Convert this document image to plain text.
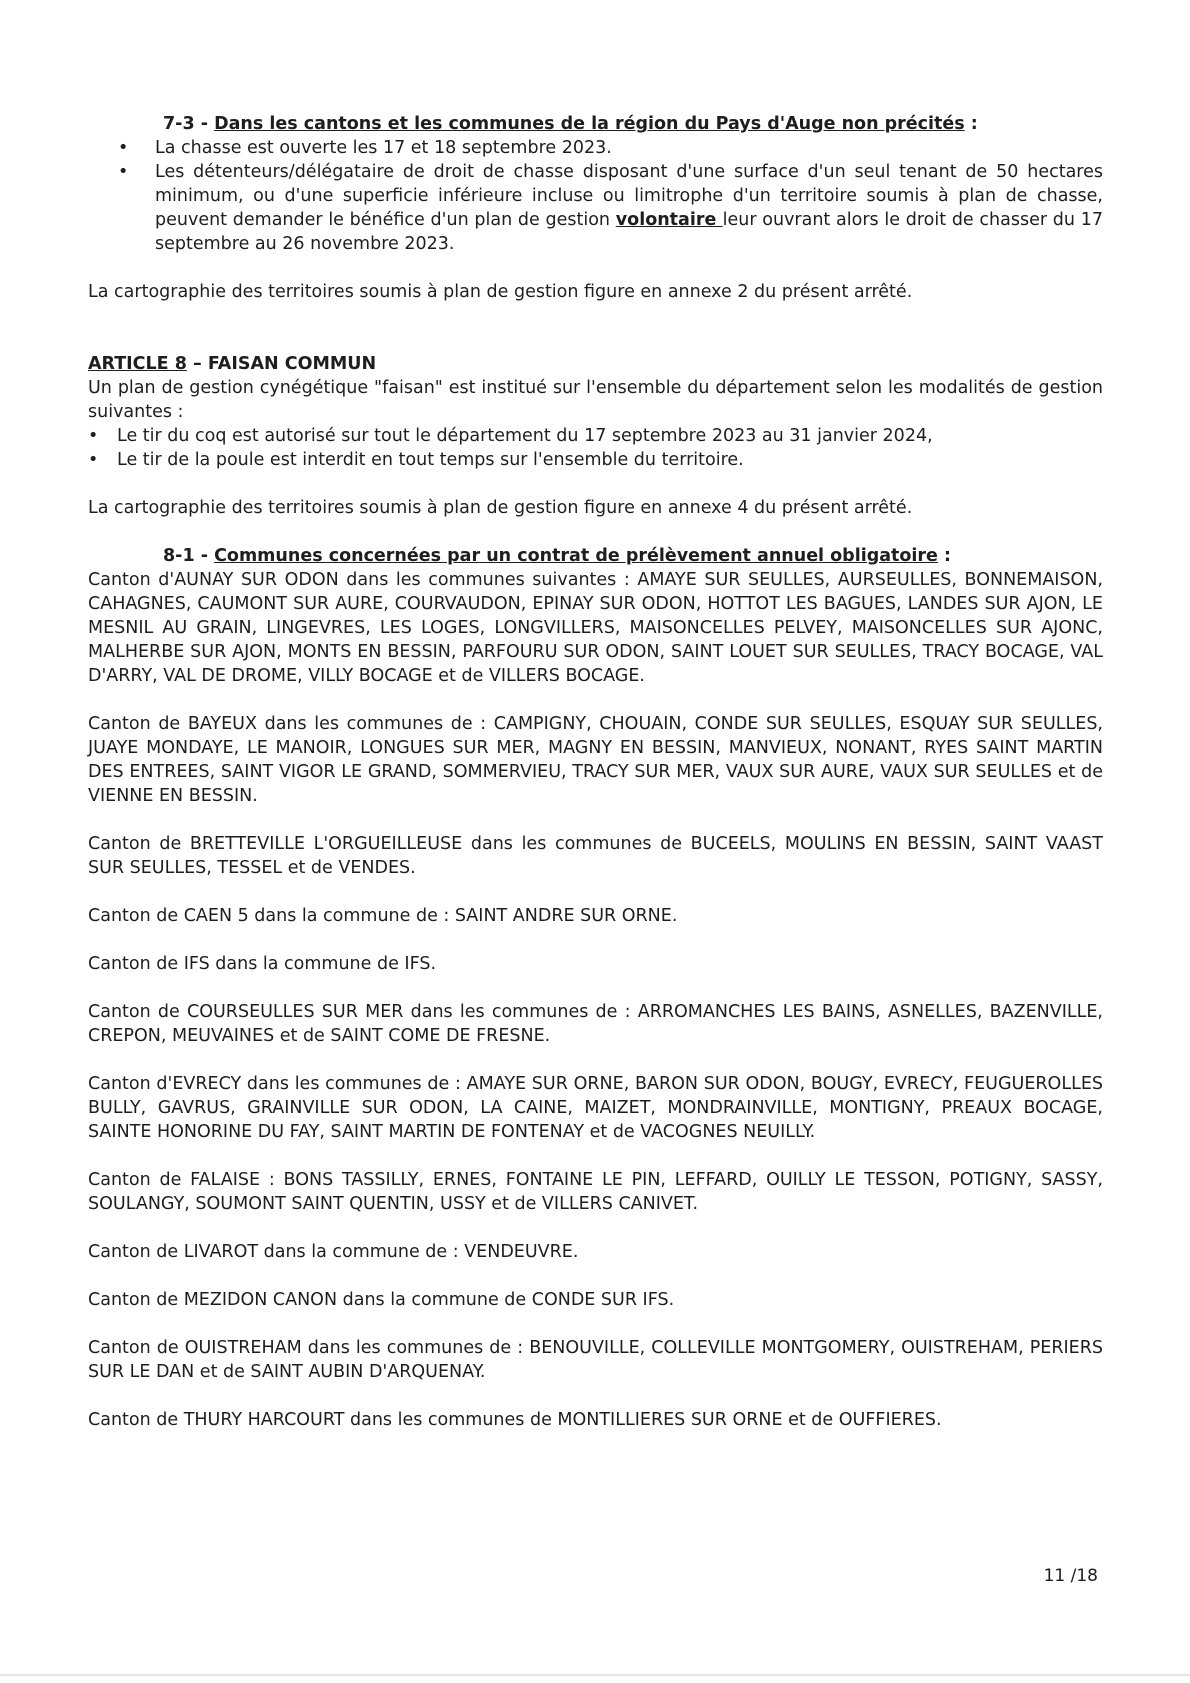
7-3 - Dans les cantons et les communes de la région du Pays d'Auge non précités :

• La chasse est ouverte les 17 et 18 septembre 2023.
• Les détenteurs/délégataire de droit de chasse disposant d'une surface d'un seul tenant de 50 hectares minimum, ou d'une superficie inférieure incluse ou limitrophe d'un territoire soumis à plan de chasse, peuvent demander le bénéfice d'un plan de gestion volontaire leur ouvrant alors le droit de chasser du 17 septembre au 26 novembre 2023.

La cartographie des territoires soumis à plan de gestion figure en annexe 2 du présent arrêté.

ARTICLE 8 – FAISAN COMMUN

Un plan de gestion cynégétique "faisan" est institué sur l'ensemble du département selon les modalités de gestion suivantes :

• Le tir du coq est autorisé sur tout le département du 17 septembre 2023 au 31 janvier 2024,
• Le tir de la poule est interdit en tout temps sur l'ensemble du territoire.

La cartographie des territoires soumis à plan de gestion figure en annexe 4 du présent arrêté.

8-1 - Communes concernées par un contrat de prélèvement annuel obligatoire :

Canton d'AUNAY SUR ODON dans les communes suivantes : AMAYE SUR SEULLES, AURSEULLES, BONNEMAISON, CAHAGNES, CAUMONT SUR AURE, COURVAUDON, EPINAY SUR ODON, HOTTOT LES BAGUES, LANDES SUR AJON, LE MESNIL AU GRAIN, LINGEVRES, LES LOGES, LONGVILLERS, MAISONCELLES PELVEY, MAISONCELLES SUR AJONC, MALHERBE SUR AJON, MONTS EN BESSIN, PARFOURU SUR ODON, SAINT LOUET SUR SEULLES, TRACY BOCAGE, VAL D'ARRY, VAL DE DROME, VILLY BOCAGE et de VILLERS BOCAGE.

Canton de BAYEUX dans les communes de : CAMPIGNY, CHOUAIN, CONDE SUR SEULLES, ESQUAY SUR SEULLES, JUAYE MONDAYE, LE MANOIR, LONGUES SUR MER, MAGNY EN BESSIN, MANVIEUX, NONANT, RYES SAINT MARTIN DES ENTREES, SAINT VIGOR LE GRAND, SOMMERVIEU, TRACY SUR MER, VAUX SUR AURE, VAUX SUR SEULLES et de VIENNE EN BESSIN.

Canton de BRETTEVILLE L'ORGUEILLEUSE dans les communes de BUCEELS, MOULINS EN BESSIN, SAINT VAAST SUR SEULLES, TESSEL et de VENDES.

Canton de CAEN 5 dans la commune de : SAINT ANDRE SUR ORNE.

Canton de IFS dans la commune de IFS.

Canton de COURSEULLES SUR MER dans les communes de : ARROMANCHES LES BAINS, ASNELLES, BAZENVILLE, CREPON, MEUVAINES et de SAINT COME DE FRESNE.

Canton d'EVRECY dans les communes de : AMAYE SUR ORNE, BARON SUR ODON, BOUGY, EVRECY, FEUGUEROLLES BULLY, GAVRUS, GRAINVILLE SUR ODON, LA CAINE, MAIZET, MONDRAINVILLE, MONTIGNY, PREAUX BOCAGE, SAINTE HONORINE DU FAY, SAINT MARTIN DE FONTENAY et de VACOGNES NEUILLY.

Canton de FALAISE : BONS TASSILLY, ERNES, FONTAINE LE PIN, LEFFARD, OUILLY LE TESSON, POTIGNY, SASSY, SOULANGY, SOUMONT SAINT QUENTIN, USSY et de VILLERS CANIVET.

Canton de LIVAROT dans la commune de : VENDEUVRE.

Canton de MEZIDON CANON dans la commune de CONDE SUR IFS.

Canton de OUISTREHAM dans les communes de : BENOUVILLE, COLLEVILLE MONTGOMERY, OUISTREHAM, PERIERS SUR LE DAN et de SAINT AUBIN D'ARQUENAY.

Canton de THURY HARCOURT dans les communes de MONTILLIERES SUR ORNE et de OUFFIERES.

11 /18
